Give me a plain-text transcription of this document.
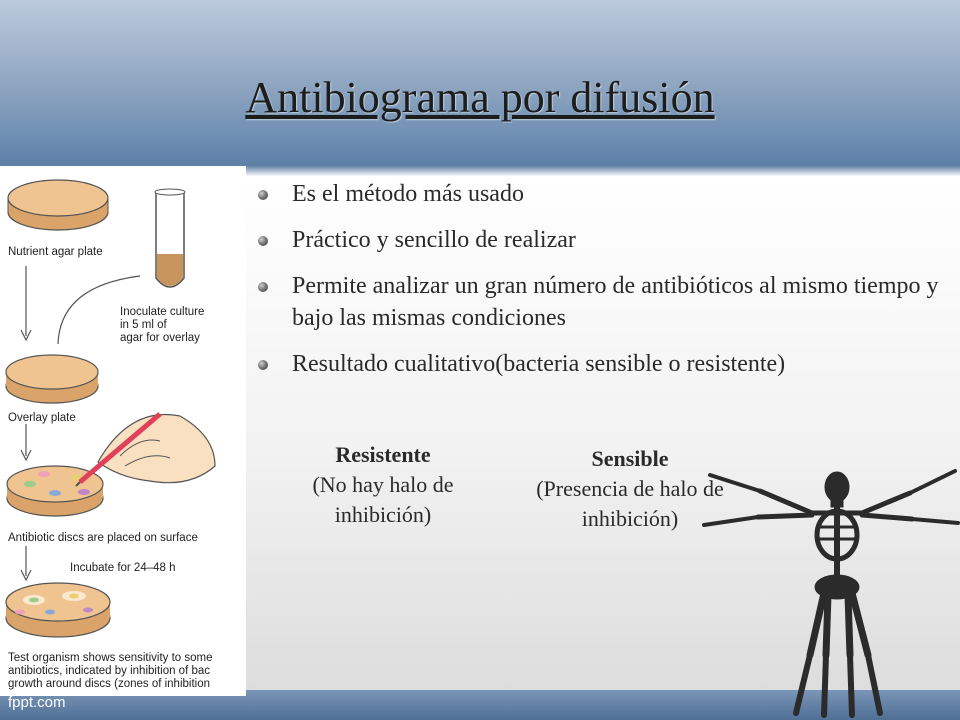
Antibiograma por difusión
Nutrient agar plate
Inoculate culture
in 5 ml of
agar for overlay
Overlay plate
Antibiotic discs are placed on surface
Incubate for 24–48 h
Test organism shows sensitivity to some
antibiotics, indicated by inhibition of bac
growth around discs (zones of inhibition
Es el método más usado
Práctico y sencillo de realizar
Permite analizar un gran número de antibióticos al mismo tiempo y bajo las mismas condiciones
Resultado cualitativo(bacteria sensible o resistente)
Resistente
(No hay halo de inhibición)
Sensible
(Presencia de halo de inhibición)
fppt.com
